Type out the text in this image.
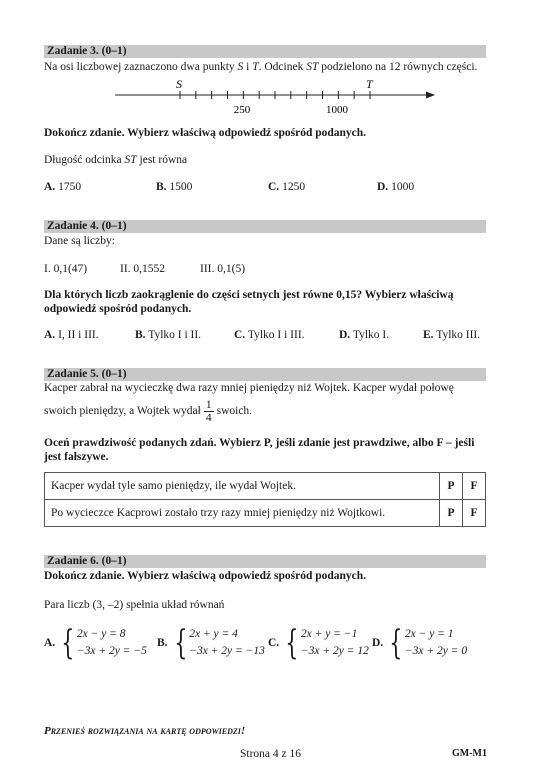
Zadanie 3. (0–1)
Na osi liczbowej zaznaczono dwa punkty S i T. Odcinek ST podzielono na 12 równych części.
S	T
250	1000
Dokończ zdanie. Wybierz właściwą odpowiedź spośród podanych.
Długość odcinka ST jest równa
A. 1750	B. 1500	C. 1250	D. 1000
Zadanie 4. (0–1)
Dane są liczby:
I. 0,1(47)	II. 0,1552	III. 0,1(5)
Dla których liczb zaokrąglenie do części setnych jest równe 0,15? Wybierz właściwą
odpowiedź spośród podanych.
A. I, II i III.	B. Tylko I i II.	C. Tylko I i III.	D. Tylko I.	E. Tylko III.
Zadanie 5. (0–1)
Kacper zabrał na wycieczkę dwa razy mniej pieniędzy niż Wojtek. Kacper wydał połowę
swoich pieniędzy, a Wojtek wydał $\frac{1}{4}$ swoich.
Oceń prawdziwość podanych zdań. Wybierz P, jeśli zdanie jest prawdziwe, albo F – jeśli
jest fałszywe.
Kacper wydał tyle samo pieniędzy, ile wydał Wojtek.	P	F
Po wycieczce Kacprowi zostało trzy razy mniej pieniędzy niż Wojtkowi.	P	F
Zadanie 6. (0–1)
Dokończ zdanie. Wybierz właściwą odpowiedź spośród podanych.
Para liczb (3, –2) spełnia układ równań
A. { 2x − y = 8
−3x + 2y = −5
B. { 2x + y = 4
−3x + 2y = −13
C. { 2x + y = −1
−3x + 2y = 12
D. { 2x − y = 1
−3x + 2y = 0
Przenieś rozwiązania na kartę odpowiedzi!
Strona 4 z 16	GM-M1
